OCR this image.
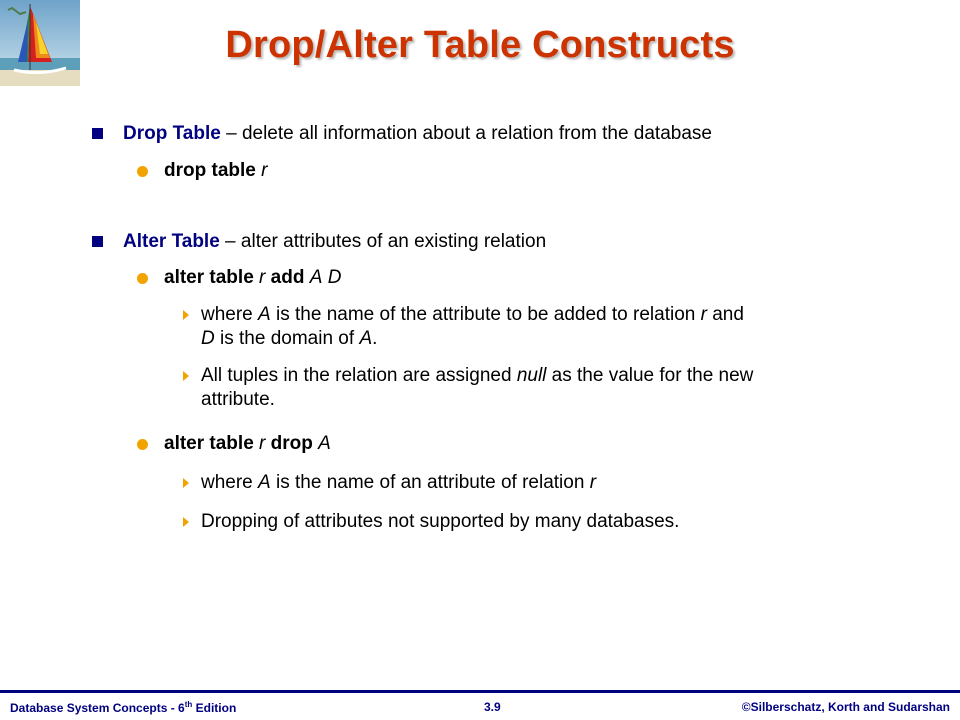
Drop/Alter Table Constructs
Drop Table – delete all information about a relation from the database
drop table r
Alter Table – alter attributes of an existing relation
alter table r add A D
where A is the name of the attribute to be added to relation r and
D is the domain of A.
All tuples in the relation are assigned null as the value for the new
attribute.
alter table r drop A
where A is the name of an attribute of relation r
Dropping of attributes not supported by many databases.
Database System Concepts - 6th Edition	3.9	©Silberschatz, Korth and Sudarshan
